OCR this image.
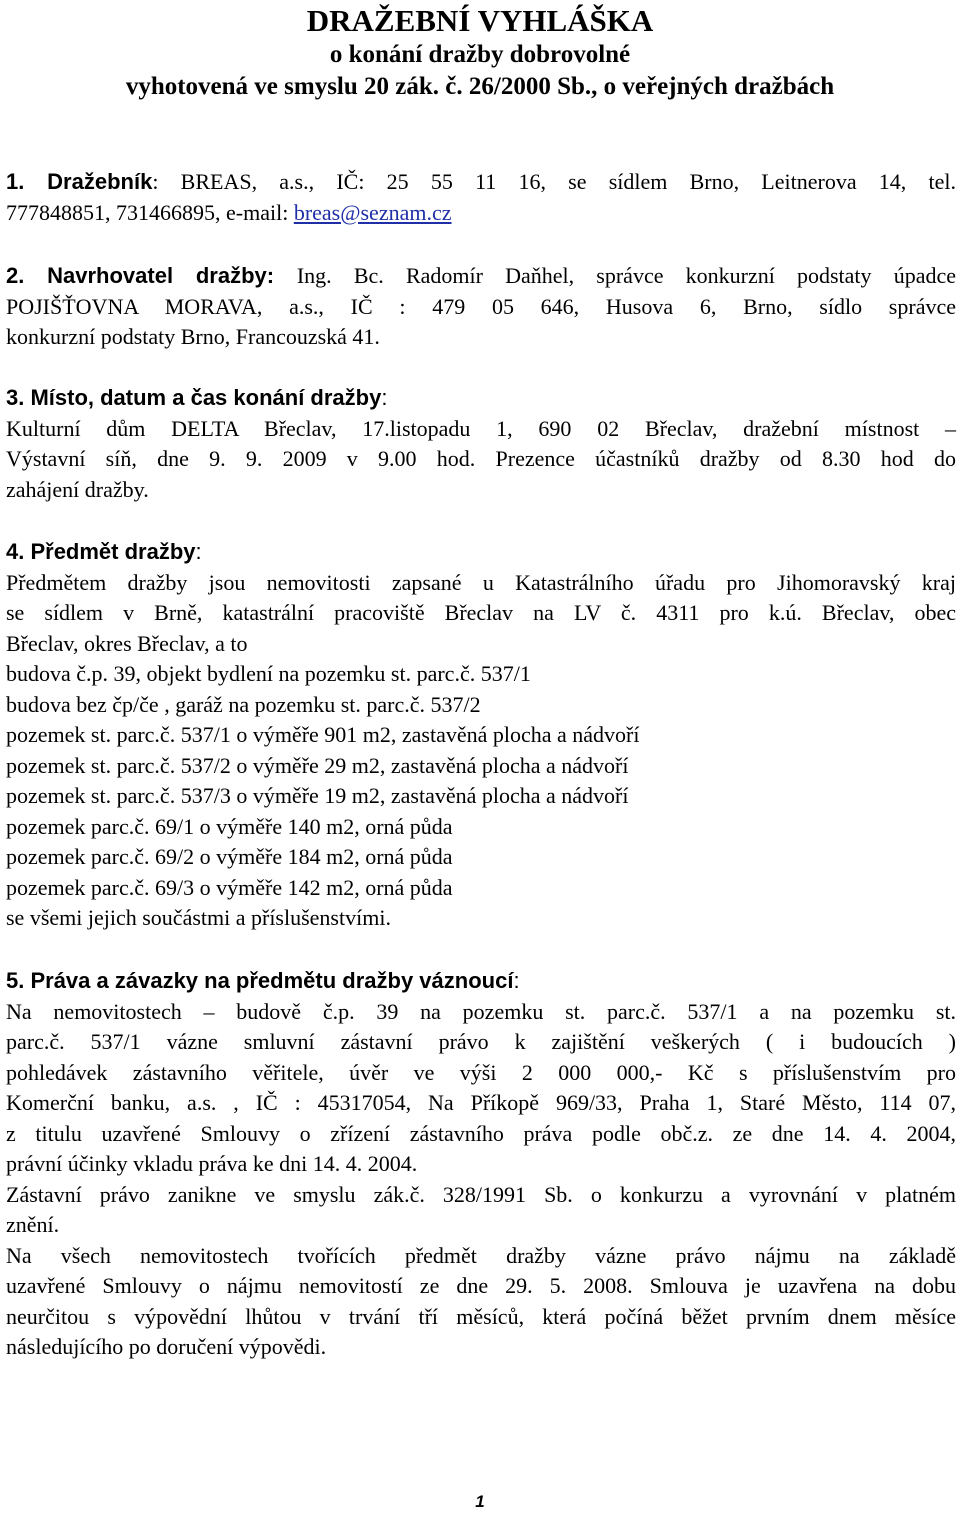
DRAŽEBNÍ VYHLÁŠKA
o konání dražby dobrovolné
vyhotovená ve smyslu 20 zák. č. 26/2000 Sb., o veřejných dražbách
1. Dražebník: BREAS, a.s., IČ: 25 55 11 16, se sídlem Brno, Leitnerova 14, tel.
777848851, 731466895, e-mail: breas@seznam.cz
2. Navrhovatel dražby: Ing. Bc. Radomír Daňhel, správce konkurzní podstaty úpadce
POJIŠŤOVNA MORAVA, a.s., IČ : 479 05 646, Husova 6, Brno, sídlo správce
konkurzní podstaty Brno, Francouzská 41.
3. Místo, datum a čas konání dražby:
Kulturní dům DELTA Břeclav, 17.listopadu 1, 690 02 Břeclav, dražební místnost –
Výstavní síň, dne 9. 9. 2009 v 9.00 hod. Prezence účastníků dražby od 8.30 hod do
zahájení dražby.
4. Předmět dražby:
Předmětem dražby jsou nemovitosti zapsané u Katastrálního úřadu pro Jihomoravský kraj
se sídlem v Brně, katastrální pracoviště Břeclav na LV č. 4311 pro k.ú. Břeclav, obec
Břeclav, okres Břeclav, a to
budova č.p. 39, objekt bydlení na pozemku st. parc.č. 537/1
budova bez čp/če , garáž na pozemku st. parc.č. 537/2
pozemek st. parc.č. 537/1 o výměře 901 m2, zastavěná plocha a nádvoří
pozemek st. parc.č. 537/2 o výměře 29 m2, zastavěná plocha a nádvoří
pozemek st. parc.č. 537/3 o výměře 19 m2, zastavěná plocha a nádvoří
pozemek parc.č. 69/1 o výměře 140 m2, orná půda
pozemek parc.č. 69/2 o výměře 184 m2, orná půda
pozemek parc.č. 69/3 o výměře 142 m2, orná půda
se všemi jejich součástmi a příslušenstvími.
5. Práva a závazky na předmětu dražby váznoucí:
Na nemovitostech – budově č.p. 39 na pozemku st. parc.č. 537/1 a na pozemku st.
parc.č. 537/1 vázne smluvní zástavní právo k zajištění veškerých ( i budoucích )
pohledávek zástavního věřitele, úvěr ve výši 2 000 000,- Kč s příslušenstvím pro
Komerční banku, a.s. , IČ : 45317054, Na Příkopě 969/33, Praha 1, Staré Město, 114 07,
z titulu uzavřené Smlouvy o zřízení zástavního práva podle obč.z. ze dne 14. 4. 2004,
právní účinky vkladu práva ke dni 14. 4. 2004.
Zástavní právo zanikne ve smyslu zák.č. 328/1991 Sb. o konkurzu a vyrovnání v platném
znění.
Na všech nemovitostech tvořících předmět dražby vázne právo nájmu na základě
uzavřené Smlouvy o nájmu nemovitostí ze dne 29. 5. 2008. Smlouva je uzavřena na dobu
neurčitou s výpovědní lhůtou v trvání tří měsíců, která počíná běžet prvním dnem měsíce
následujícího po doručení výpovědi.
1
